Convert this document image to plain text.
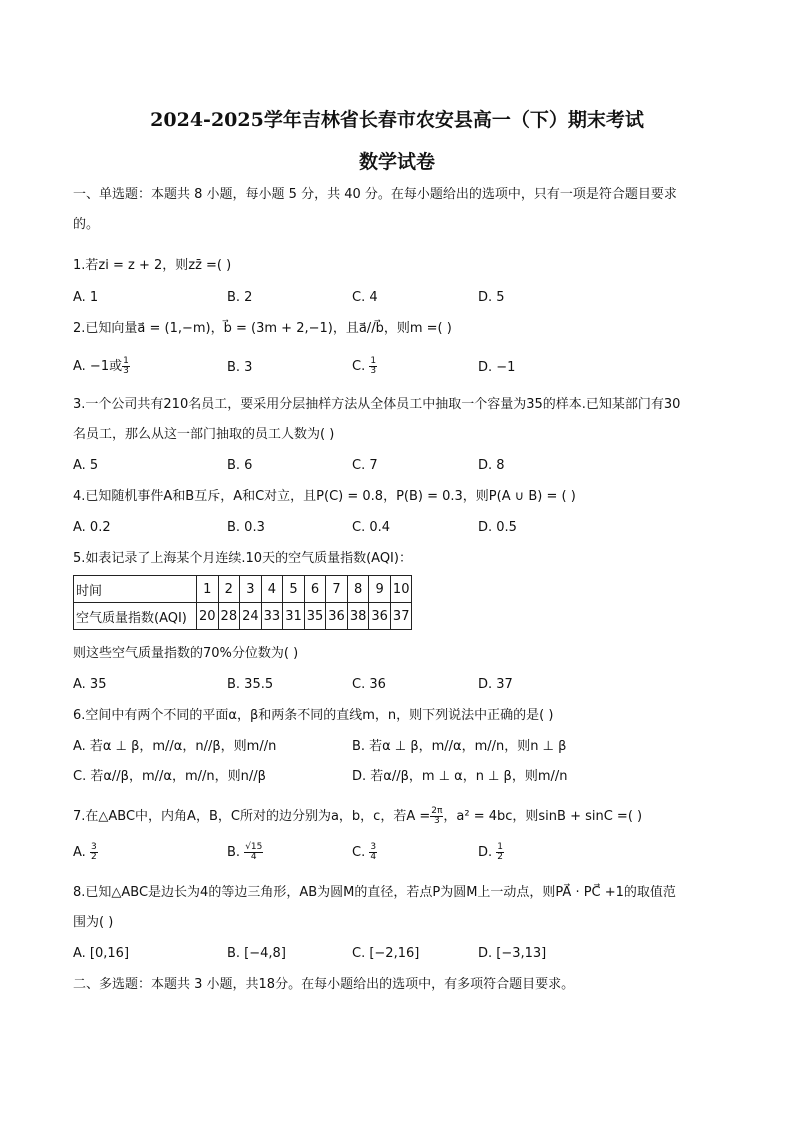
2024-2025学年吉林省长春市农安县高一（下）期末考试
数学试卷
一、单选题：本题共 8 小题，每小题 5 分，共 40 分。在每小题给出的选项中，只有一项是符合题目要求
的。
1.若zi = z + 2，则zz̄ =( )
A. 1	B. 2	C. 4	D. 5
2.已知向量a⃗ = (1,−m)，b⃗ = (3m + 2,−1)，且a⃗//b⃗，则m =( )
A. −1或 $\frac{1}{3}$	B. 3	C. $\frac{1}{3}$	D. −1
3.一个公司共有210名员工，要采用分层抽样方法从全体员工中抽取一个容量为35的样本.已知某部门有30
名员工，那么从这一部门抽取的员工人数为( )
A. 5	B. 6	C. 7	D. 8
4.已知随机事件A和B互斥，A和C对立，且P(C) = 0.8，P(B) = 0.3，则P(A ∪ B) = ( )
A. 0.2	B. 0.3	C. 0.4	D. 0.5
5.如表记录了上海某个月连续.10天的空气质量指数(AQI)：
时间	1	2	3	4	5	6	7	8	9	10
空气质量指数(AQI)	20	28	24	33	31	35	36	38	36	37
则这些空气质量指数的70%分位数为( )
A. 35	B. 35.5	C. 36	D. 37
6.空间中有两个不同的平面α，β和两条不同的直线m，n，则下列说法中正确的是( )
A. 若α ⊥ β，m//α，n//β，则m//n	B. 若α ⊥ β，m//α，m//n，则n ⊥ β
C. 若α//β，m//α，m//n，则n//β	D. 若α//β，m ⊥ α，n ⊥ β，则m//n
7.在△ABC中，内角A，B，C所对的边分别为a，b，c，若$A = \frac{2\pi}{3}$ ，a² = 4bc，则sinB + sinC =( )
A. $\frac{3}{2}$	B. $\frac{√15}{4}$	C. $\frac{3}{4}$	D. $\frac{1}{2}$
8.已知△ABC是边长为4的等边三角形，AB为圆M的直径，若点P为圆M上一动点，则PA⃗ · PC⃗ +1的取值范
围为( )
A. [0,16]	B. [−4,8]	C. [−2,16]	D. [−3,13]
二、多选题：本题共 3 小题，共18分。在每小题给出的选项中，有多项符合题目要求。
